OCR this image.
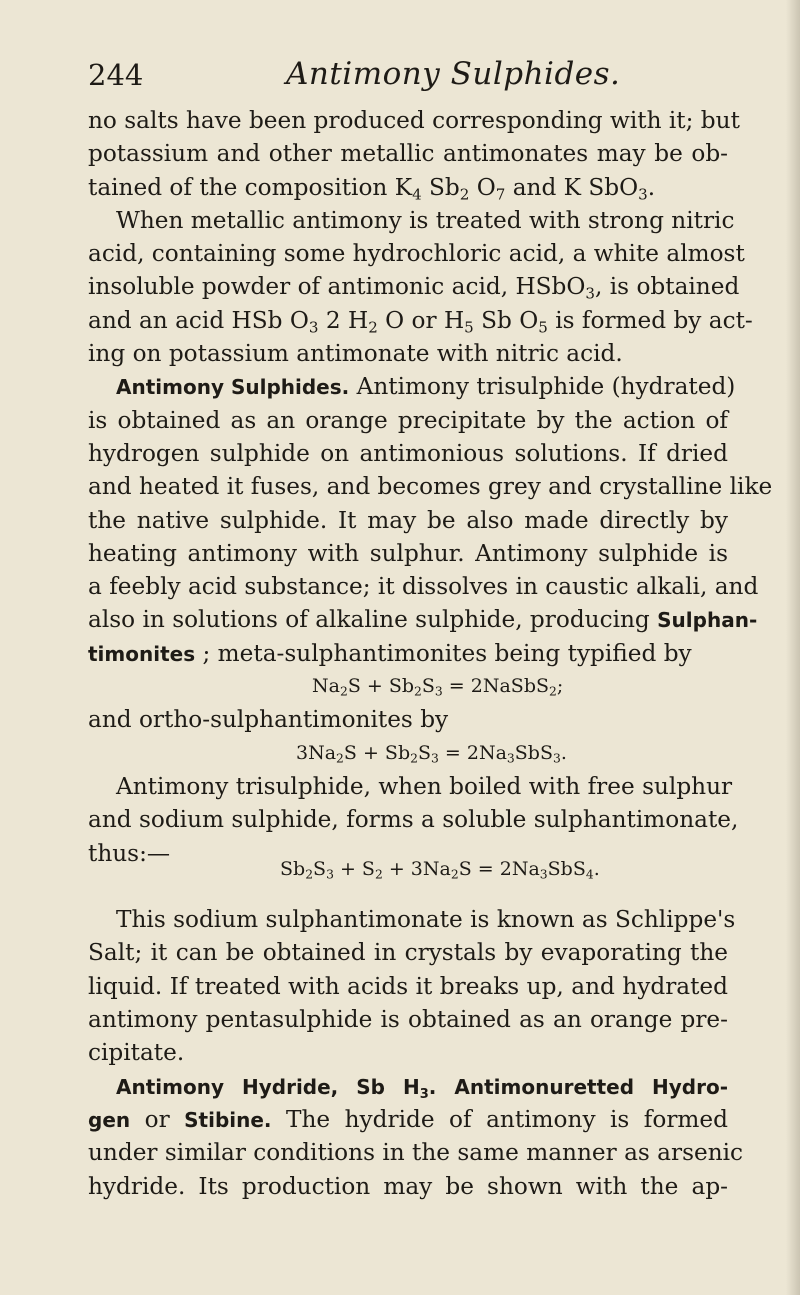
244	Antimony Sulphides.
no salts have been produced corresponding with it; but
potassium and other metallic antimonates may be ob-
tained of the composition $K_4$ $Sb_2$ $O_7$ and K SbO$_3$.
When metallic antimony is treated with strong nitric
acid, containing some hydrochloric acid, a white almost
insoluble powder of antimonic acid, HSbO$_3$, is obtained
and an acid HSb $O_3$ 2 $H_2$ O or $H_5$ Sb $O_5$ is formed by act-
ing on potassium antimonate with nitric acid.
Antimony Sulphides. Antimony trisulphide (hydrated)
is obtained as an orange precipitate by the action of
hydrogen sulphide on antimonious solutions. If dried
and heated it fuses, and becomes grey and crystalline like
the native sulphide. It may be also made directly by
heating antimony with sulphur. Antimony sulphide is
a feebly acid substance; it dissolves in caustic alkali, and
also in solutions of alkaline sulphide, producing Sulphan-
timonites ; meta-sulphantimonites being typified by
$Na_2S + Sb_2S_3$ = 2NaSbS$_2$;
and ortho-sulphantimonites by
$3Na_2S + Sb_2S_3 = 2Na_3SbS_3$.
Antimony trisulphide, when boiled with free sulphur
and sodium sulphide, forms a soluble sulphantimonate,
thus:—
$Sb_2S_3 + S_2 + 3Na_2S = 2Na_3SbS_4$.
This sodium sulphantimonate is known as Schlippe's
Salt; it can be obtained in crystals by evaporating the
liquid. If treated with acids it breaks up, and hydrated
antimony pentasulphide is obtained as an orange pre-
cipitate.
Antimony Hydride, Sb $H_3$. Antimonuretted Hydro-
gen or Stibine. The hydride of antimony is formed
under similar conditions in the same manner as arsenic
hydride. Its production may be shown with the ap-
